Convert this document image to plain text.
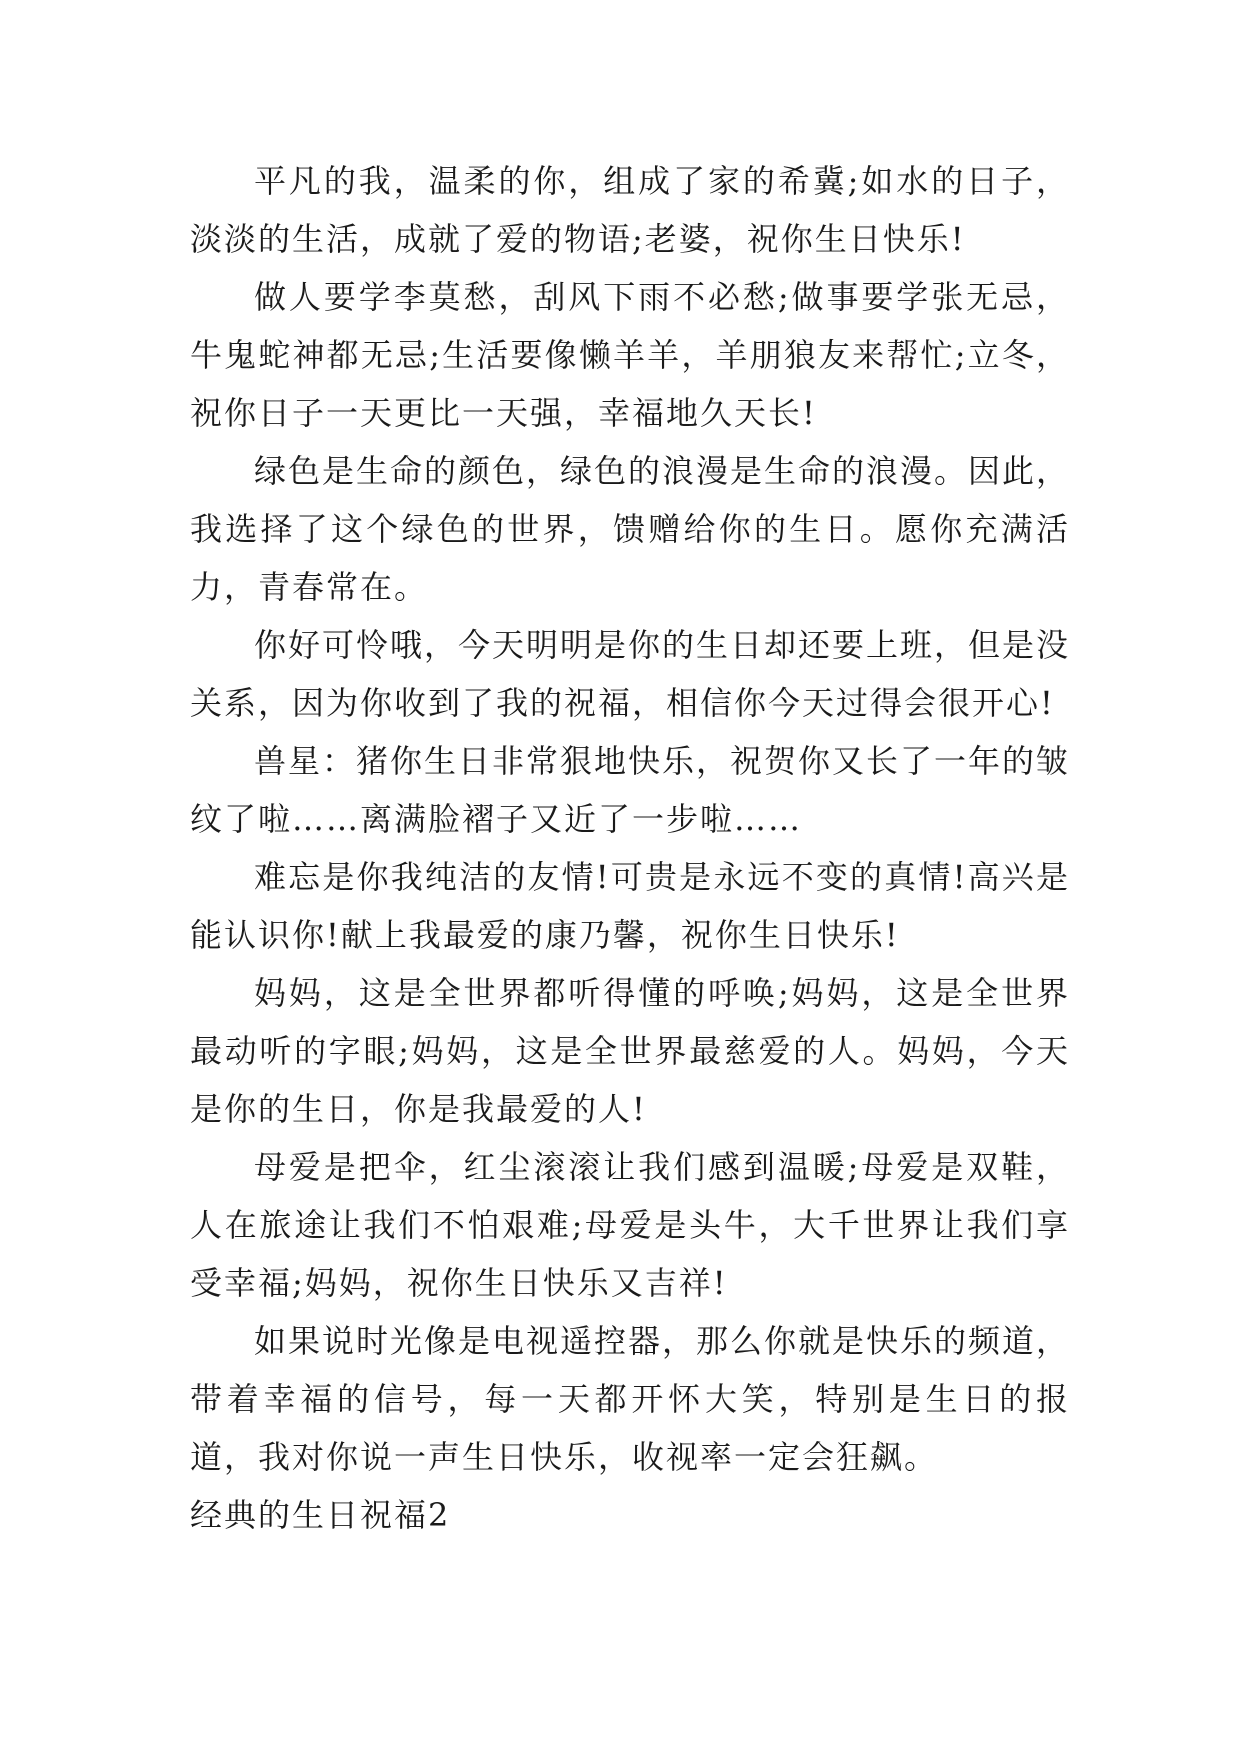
平凡的我，温柔的你，组成了家的希冀;如水的日子，淡淡的生活，成就了爱的物语;老婆，祝你生日快乐!

做人要学李莫愁，刮风下雨不必愁;做事要学张无忌，牛鬼蛇神都无忌;生活要像懒羊羊，羊朋狼友来帮忙;立冬，祝你日子一天更比一天强，幸福地久天长!

绿色是生命的颜色，绿色的浪漫是生命的浪漫。因此，我选择了这个绿色的世界，馈赠给你的生日。愿你充满活力，青春常在。

你好可怜哦，今天明明是你的生日却还要上班，但是没关系，因为你收到了我的祝福，相信你今天过得会很开心!

兽星：猪你生日非常狠地快乐，祝贺你又长了一年的皱纹了啦……离满脸褶子又近了一步啦……

难忘是你我纯洁的友情!可贵是永远不变的真情!高兴是能认识你!献上我最爱的康乃馨，祝你生日快乐!

妈妈，这是全世界都听得懂的呼唤;妈妈，这是全世界最动听的字眼;妈妈，这是全世界最慈爱的人。妈妈，今天是你的生日，你是我最爱的人!

母爱是把伞，红尘滚滚让我们感到温暖;母爱是双鞋，人在旅途让我们不怕艰难;母爱是头牛，大千世界让我们享受幸福;妈妈，祝你生日快乐又吉祥!

如果说时光像是电视遥控器，那么你就是快乐的频道，带着幸福的信号，每一天都开怀大笑，特别是生日的报道，我对你说一声生日快乐，收视率一定会狂飙。

经典的生日祝福2
